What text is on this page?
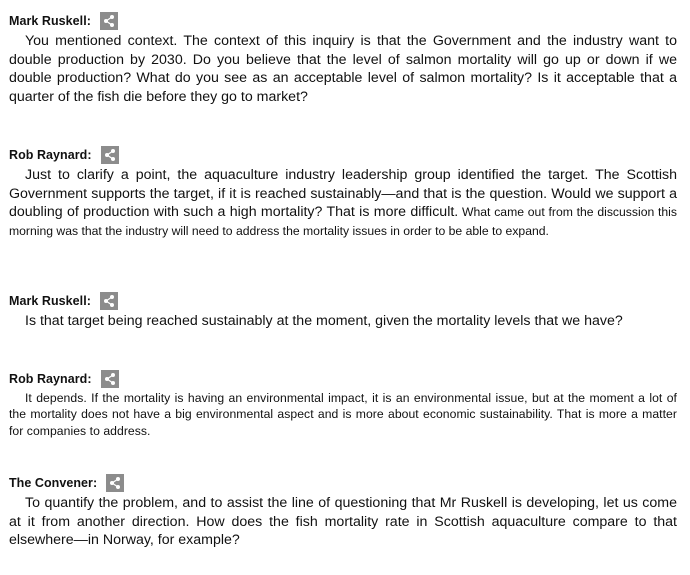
Mark Ruskell:

You mentioned context. The context of this inquiry is that the Government and the industry want to double production by 2030. Do you believe that the level of salmon mortality will go up or down if we double production? What do you see as an acceptable level of salmon mortality? Is it acceptable that a quarter of the fish die before they go to market?

Rob Raynard:

Just to clarify a point, the aquaculture industry leadership group identified the target. The Scottish Government supports the target, if it is reached sustainably—and that is the question. Would we support a doubling of production with such a high mortality? That is more difficult. What came out from the discussion this morning was that the industry will need to address the mortality issues in order to be able to expand.

Mark Ruskell:

Is that target being reached sustainably at the moment, given the mortality levels that we have?

Rob Raynard:

It depends. If the mortality is having an environmental impact, it is an environmental issue, but at the moment a lot of the mortality does not have a big environmental aspect and is more about economic sustainability. That is more a matter for companies to address.

The Convener:

To quantify the problem, and to assist the line of questioning that Mr Ruskell is developing, let us come at it from another direction. How does the fish mortality rate in Scottish aquaculture compare to that elsewhere—in Norway, for example?
